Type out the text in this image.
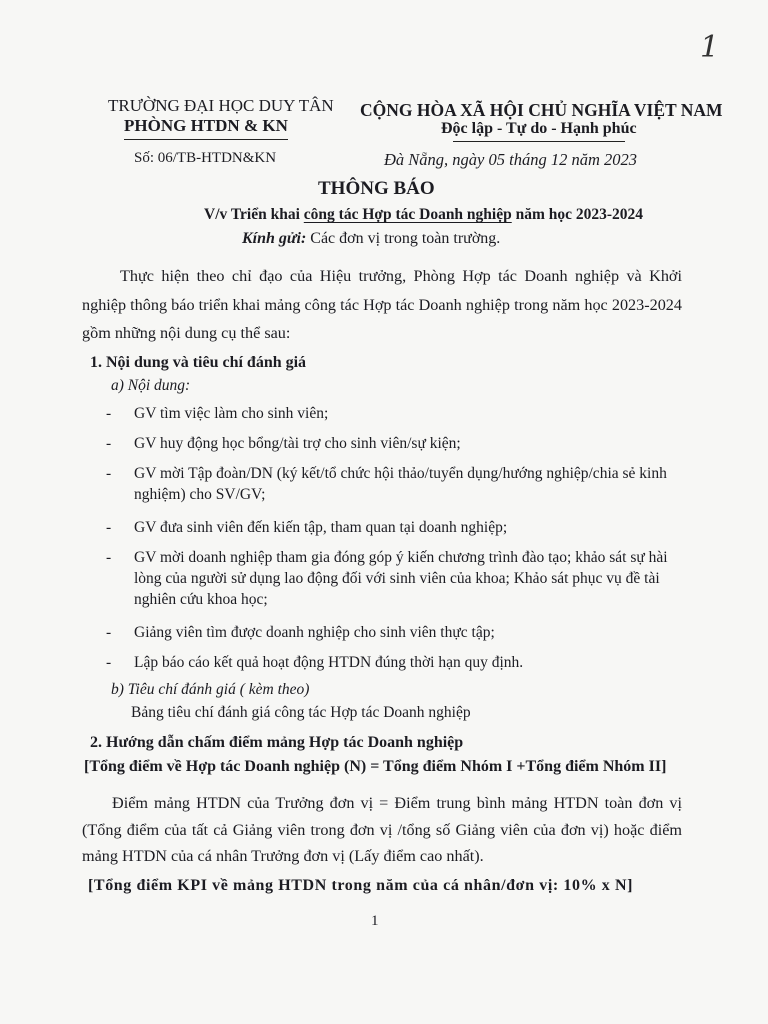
1
TRƯỜNG ĐẠI HỌC DUY TÂN
PHÒNG HTDN & KN
CỘNG HÒA XÃ HỘI CHỦ NGHĨA VIỆT NAM
Độc lập - Tự do - Hạnh phúc
Số: 06/TB-HTDN&KN	Đà Nẵng, ngày 05 tháng 12 năm 2023
THÔNG BÁO
V/v Triển khai công tác Hợp tác Doanh nghiệp năm học 2023-2024
Kính gửi: Các đơn vị trong toàn trường.
Thực hiện theo chỉ đạo của Hiệu trưởng, Phòng Hợp tác Doanh nghiệp và Khởi nghiệp thông báo triển khai mảng công tác Hợp tác Doanh nghiệp trong năm học 2023-2024 gồm những nội dung cụ thể sau:
1. Nội dung và tiêu chí đánh giá
a) Nội dung:
- GV tìm việc làm cho sinh viên;
- GV huy động học bổng/tài trợ cho sinh viên/sự kiện;
- GV mời Tập đoàn/DN (ký kết/tổ chức hội thảo/tuyển dụng/hướng nghiệp/chia sẻ kinh nghiệm) cho SV/GV;
- GV đưa sinh viên đến kiến tập, tham quan tại doanh nghiệp;
- GV mời doanh nghiệp tham gia đóng góp ý kiến chương trình đào tạo; khảo sát sự hài lòng của người sử dụng lao động đối với sinh viên của khoa; Khảo sát phục vụ đề tài nghiên cứu khoa học;
- Giảng viên tìm được doanh nghiệp cho sinh viên thực tập;
- Lập báo cáo kết quả hoạt động HTDN đúng thời hạn quy định.
b) Tiêu chí đánh giá ( kèm theo)
Bảng tiêu chí đánh giá công tác Hợp tác Doanh nghiệp
2. Hướng dẫn chấm điểm mảng Hợp tác Doanh nghiệp
[Tổng điểm về Hợp tác Doanh nghiệp (N) = Tổng điểm Nhóm I +Tổng điểm Nhóm II]
Điểm mảng HTDN của Trưởng đơn vị = Điểm trung bình mảng HTDN toàn đơn vị (Tổng điểm của tất cả Giảng viên trong đơn vị /tổng số Giảng viên của đơn vị) hoặc điểm mảng HTDN của cá nhân Trưởng đơn vị (Lấy điểm cao nhất).
[Tổng điểm KPI về mảng HTDN trong năm của cá nhân/đơn vị: 10% x N]
1
